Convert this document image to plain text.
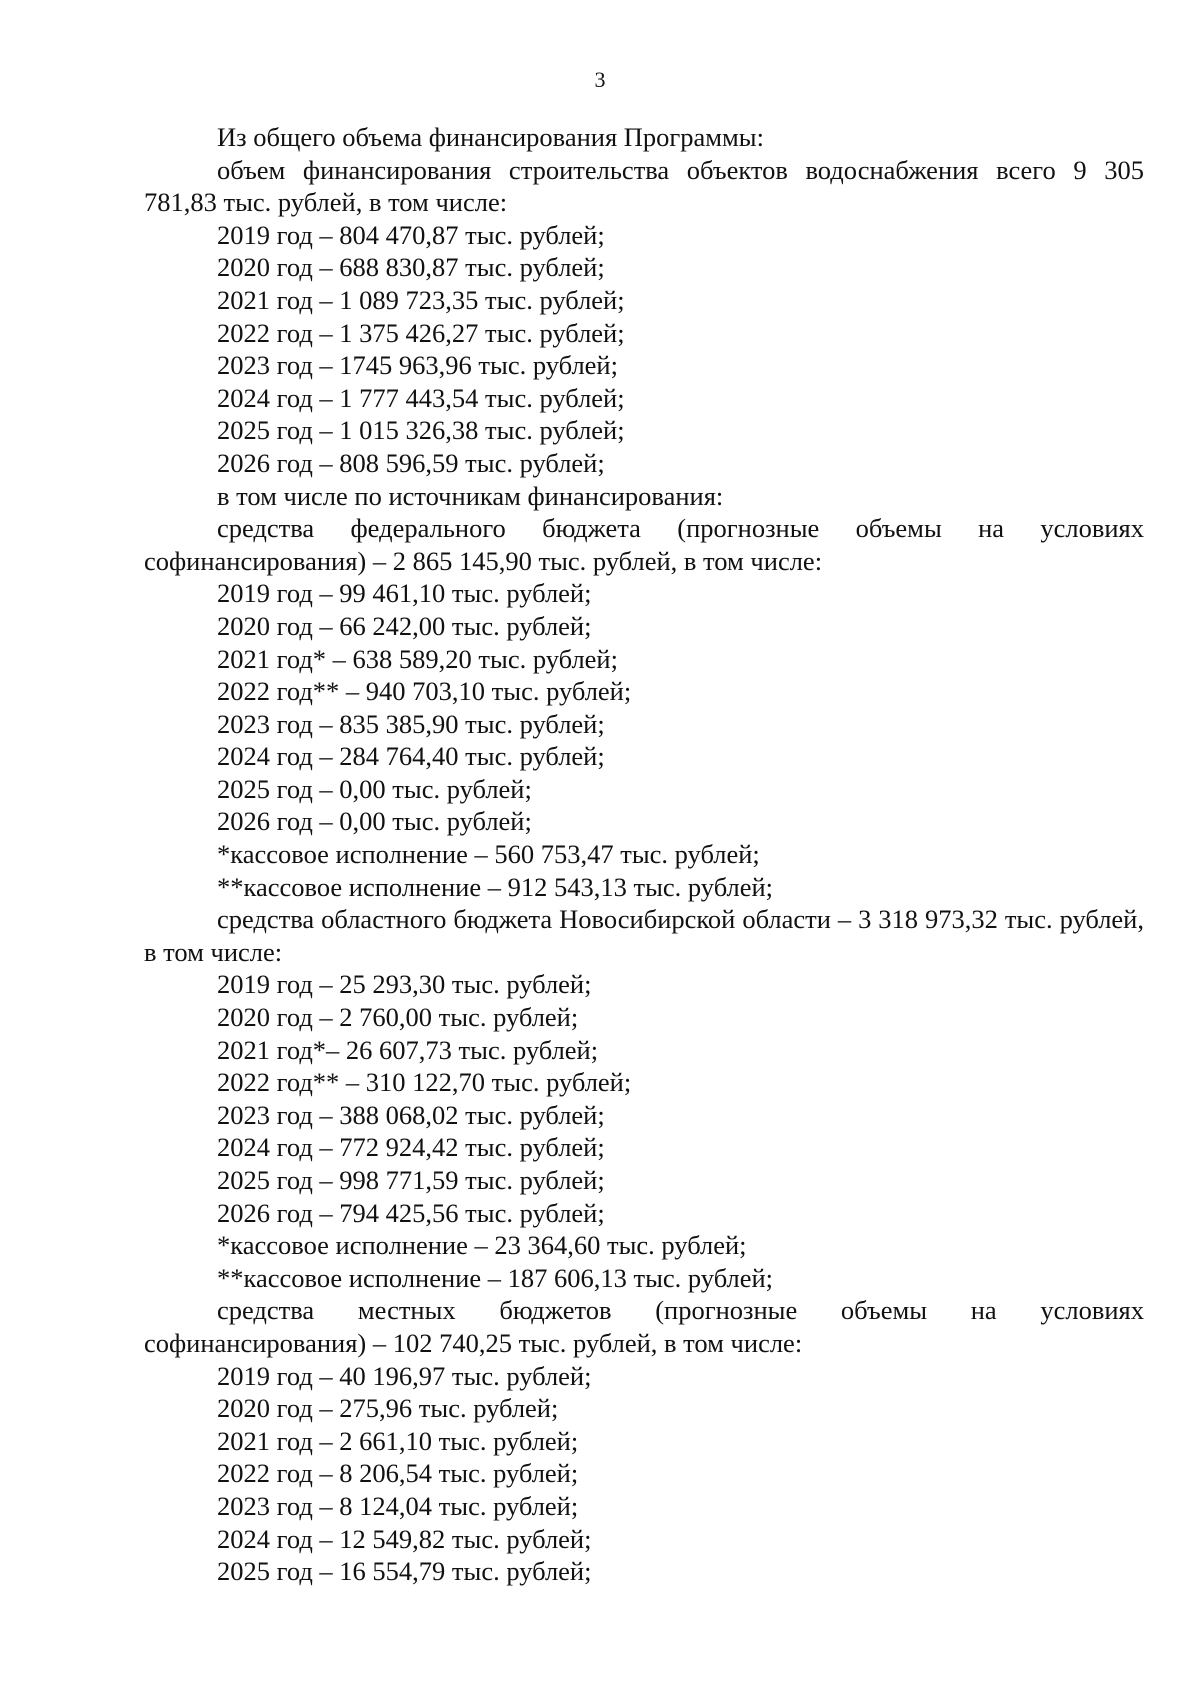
3
Из общего объема финансирования Программы:
объем финансирования строительства объектов водоснабжения всего 9 305 781,83 тыс. рублей, в том числе:
2019 год – 804 470,87 тыс. рублей;
2020 год – 688 830,87 тыс. рублей;
2021 год – 1 089 723,35 тыс. рублей;
2022 год – 1 375 426,27 тыс. рублей;
2023 год – 1745 963,96 тыс. рублей;
2024 год – 1 777 443,54 тыс. рублей;
2025 год – 1 015 326,38 тыс. рублей;
2026 год – 808 596,59 тыс. рублей;
в том числе по источникам финансирования:
средства федерального бюджета (прогнозные объемы на условиях софинансирования) – 2 865 145,90 тыс. рублей, в том числе:
2019 год – 99 461,10 тыс. рублей;
2020 год – 66 242,00 тыс. рублей;
2021 год* – 638 589,20 тыс. рублей;
2022 год** – 940 703,10 тыс. рублей;
2023 год – 835 385,90 тыс. рублей;
2024 год – 284 764,40 тыс. рублей;
2025 год – 0,00 тыс. рублей;
2026 год – 0,00 тыс. рублей;
*кассовое исполнение – 560 753,47 тыс. рублей;
**кассовое исполнение – 912 543,13 тыс. рублей;
средства областного бюджета Новосибирской области – 3 318 973,32 тыс. рублей, в том числе:
2019 год – 25 293,30 тыс. рублей;
2020 год – 2 760,00 тыс. рублей;
2021 год*– 26 607,73 тыс. рублей;
2022 год** – 310 122,70 тыс. рублей;
2023 год – 388 068,02 тыс. рублей;
2024 год – 772 924,42 тыс. рублей;
2025 год – 998 771,59 тыс. рублей;
2026 год – 794 425,56 тыс. рублей;
*кассовое исполнение – 23 364,60 тыс. рублей;
**кассовое исполнение – 187 606,13 тыс. рублей;
средства местных бюджетов (прогнозные объемы на условиях софинансирования) – 102 740,25 тыс. рублей, в том числе:
2019 год – 40 196,97 тыс. рублей;
2020 год – 275,96 тыс. рублей;
2021 год – 2 661,10 тыс. рублей;
2022 год – 8 206,54 тыс. рублей;
2023 год – 8 124,04 тыс. рублей;
2024 год – 12 549,82 тыс. рублей;
2025 год – 16 554,79 тыс. рублей;
